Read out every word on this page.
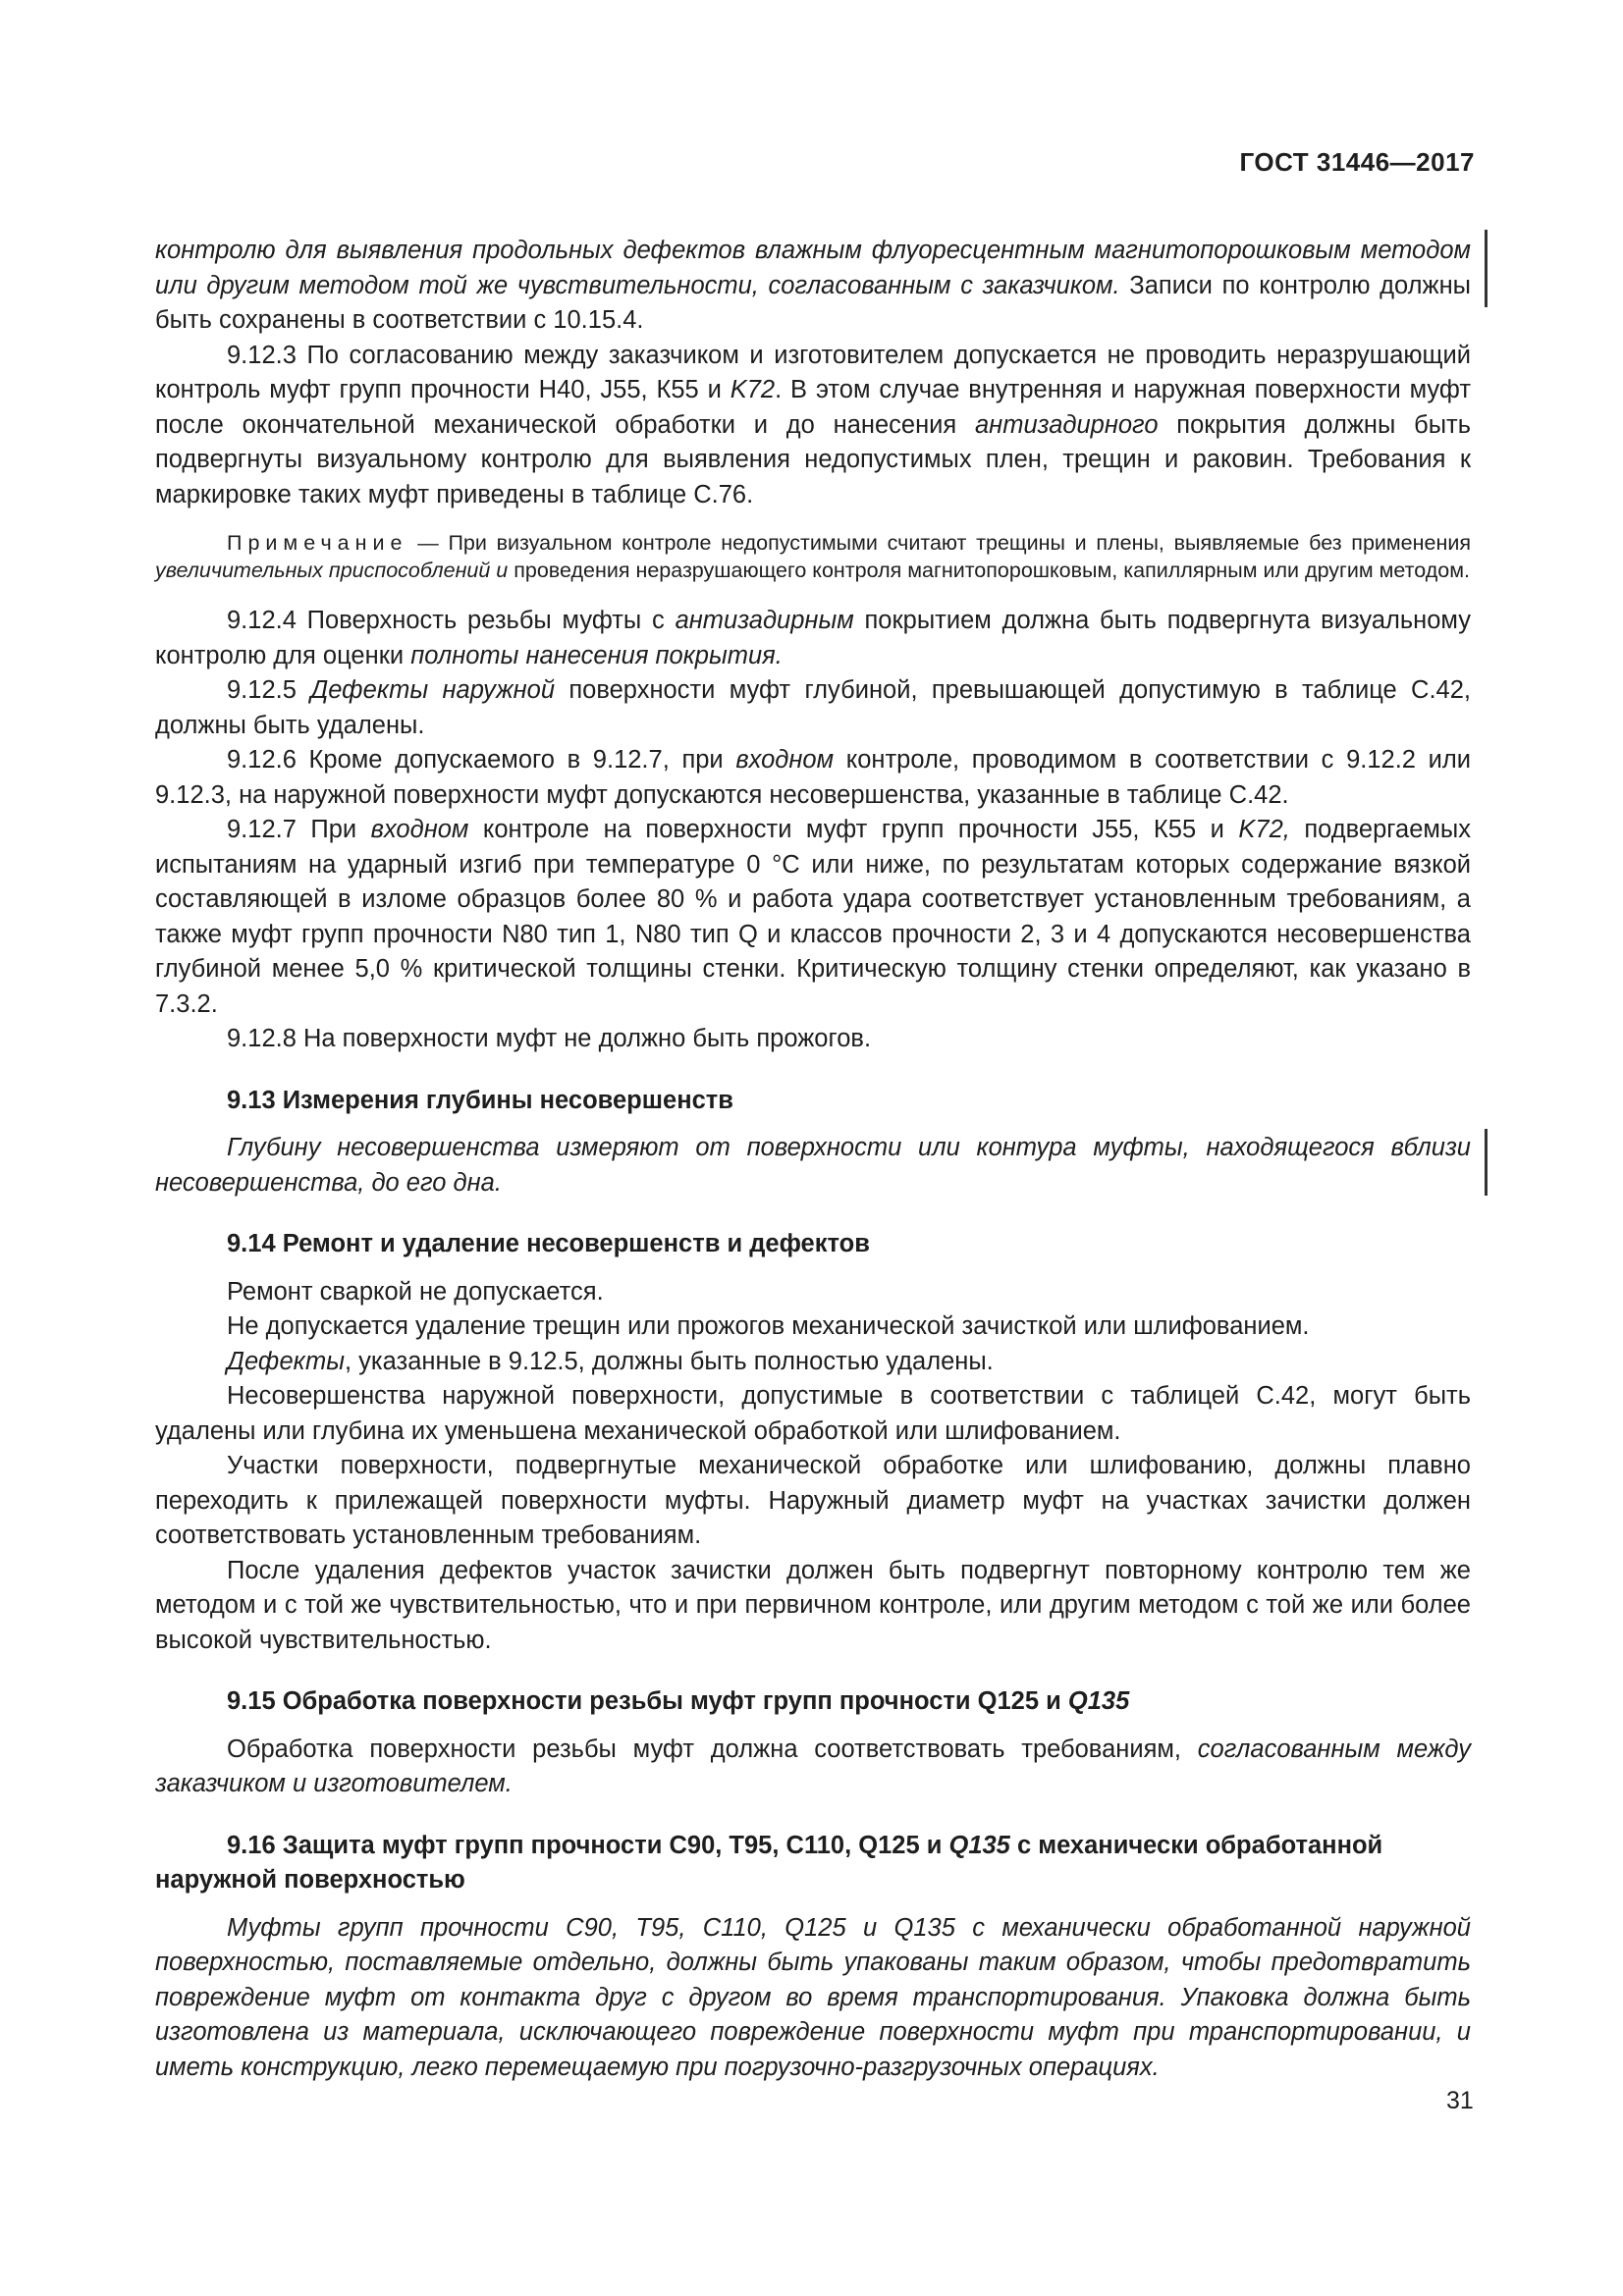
ГОСТ 31446—2017

контролю для выявления продольных дефектов влажным флуоресцентным магнитопорошковым методом или другим методом той же чувствительности, согласованным с заказчиком. Записи по контролю должны быть сохранены в соответствии с 10.15.4.

9.12.3 По согласованию между заказчиком и изготовителем допускается не проводить неразрушающий контроль муфт групп прочности Н40, J55, К55 и K72. В этом случае внутренняя и наружная поверхности муфт после окончательной механической обработки и до нанесения антизадирного покрытия должны быть подвергнуты визуальному контролю для выявления недопустимых плен, трещин и раковин. Требования к маркировке таких муфт приведены в таблице С.76.

Примечание — При визуальном контроле недопустимыми считают трещины и плены, выявляемые без применения увеличительных приспособлений и проведения неразрушающего контроля магнитопорошковым, капиллярным или другим методом.

9.12.4 Поверхность резьбы муфты с антизадирным покрытием должна быть подвергнута визуальному контролю для оценки полноты нанесения покрытия.

9.12.5 Дефекты наружной поверхности муфт глубиной, превышающей допустимую в таблице С.42, должны быть удалены.

9.12.6 Кроме допускаемого в 9.12.7, при входном контроле, проводимом в соответствии с 9.12.2 или 9.12.3, на наружной поверхности муфт допускаются несовершенства, указанные в таблице С.42.

9.12.7 При входном контроле на поверхности муфт групп прочности J55, К55 и K72, подвергаемых испытаниям на ударный изгиб при температуре 0 °С или ниже, по результатам которых содержание вязкой составляющей в изломе образцов более 80 % и работа удара соответствует установленным требованиям, а также муфт групп прочности N80 тип 1, N80 тип Q и классов прочности 2, 3 и 4 допускаются несовершенства глубиной менее 5,0 % критической толщины стенки. Критическую толщину стенки определяют, как указано в 7.3.2.

9.12.8 На поверхности муфт не должно быть прожогов.

9.13 Измерения глубины несовершенств

Глубину несовершенства измеряют от поверхности или контура муфты, находящегося вблизи несовершенства, до его дна.

9.14 Ремонт и удаление несовершенств и дефектов

Ремонт сваркой не допускается.

Не допускается удаление трещин или прожогов механической зачисткой или шлифованием.

Дефекты, указанные в 9.12.5, должны быть полностью удалены.

Несовершенства наружной поверхности, допустимые в соответствии с таблицей С.42, могут быть удалены или глубина их уменьшена механической обработкой или шлифованием.

Участки поверхности, подвергнутые механической обработке или шлифованию, должны плавно переходить к прилежащей поверхности муфты. Наружный диаметр муфт на участках зачистки должен соответствовать установленным требованиям.

После удаления дефектов участок зачистки должен быть подвергнут повторному контролю тем же методом и с той же чувствительностью, что и при первичном контроле, или другим методом с той же или более высокой чувствительностью.

9.15 Обработка поверхности резьбы муфт групп прочности Q125 и Q135

Обработка поверхности резьбы муфт должна соответствовать требованиям, согласованным между заказчиком и изготовителем.

9.16 Защита муфт групп прочности С90, Т95, С110, Q125 и Q135 с механически обработанной наружной поверхностью

Муфты групп прочности С90, Т95, С110, Q125 и Q135 с механически обработанной наружной поверхностью, поставляемые отдельно, должны быть упакованы таким образом, чтобы предотвратить повреждение муфт от контакта друг с другом во время транспортирования. Упаковка должна быть изготовлена из материала, исключающего повреждение поверхности муфт при транспортировании, и иметь конструкцию, легко перемещаемую при погрузочно-разгрузочных операциях.

31
